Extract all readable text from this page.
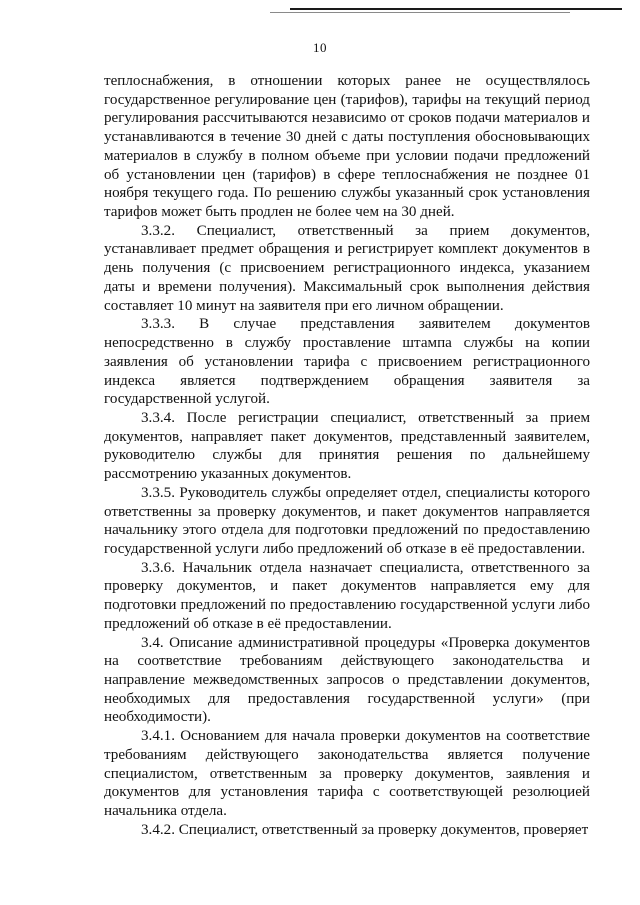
10

теплоснабжения, в отношении которых ранее не осуществлялось государственное регулирование цен (тарифов), тарифы на текущий период регулирования рассчитываются независимо от сроков подачи материалов и устанавливаются в течение 30 дней с даты поступления обосновывающих материалов в службу в полном объеме при условии подачи предложений об установлении цен (тарифов) в сфере теплоснабжения не позднее 01 ноября текущего года. По решению службы указанный срок установления тарифов может быть продлен не более чем на 30 дней.

3.3.2. Специалист, ответственный за прием документов, устанавливает предмет обращения и регистрирует комплект документов в день получения (с присвоением регистрационного индекса, указанием даты и времени получения). Максимальный срок выполнения действия составляет 10 минут на заявителя при его личном обращении.

3.3.3. В случае представления заявителем документов непосредственно в службу проставление штампа службы на копии заявления об установлении тарифа с присвоением регистрационного индекса является подтверждением обращения заявителя за государственной услугой.

3.3.4. После регистрации специалист, ответственный за прием документов, направляет пакет документов, представленный заявителем, руководителю службы для принятия решения по дальнейшему рассмотрению указанных документов.

3.3.5. Руководитель службы определяет отдел, специалисты которого ответственны за проверку документов, и пакет документов направляется начальнику этого отдела для подготовки предложений по предоставлению государственной услуги либо предложений об отказе в её предоставлении.

3.3.6. Начальник отдела назначает специалиста, ответственного за проверку документов, и пакет документов направляется ему для подготовки предложений по предоставлению государственной услуги либо предложений об отказе в её предоставлении.

3.4. Описание административной процедуры «Проверка документов на соответствие требованиям действующего законодательства и направление межведомственных запросов о представлении документов, необходимых для предоставления государственной услуги» (при необходимости).

3.4.1. Основанием для начала проверки документов на соответствие требованиям действующего законодательства является получение специалистом, ответственным за проверку документов, заявления и документов для установления тарифа с соответствующей резолюцией начальника отдела.

3.4.2. Специалист, ответственный за проверку документов, проверяет
